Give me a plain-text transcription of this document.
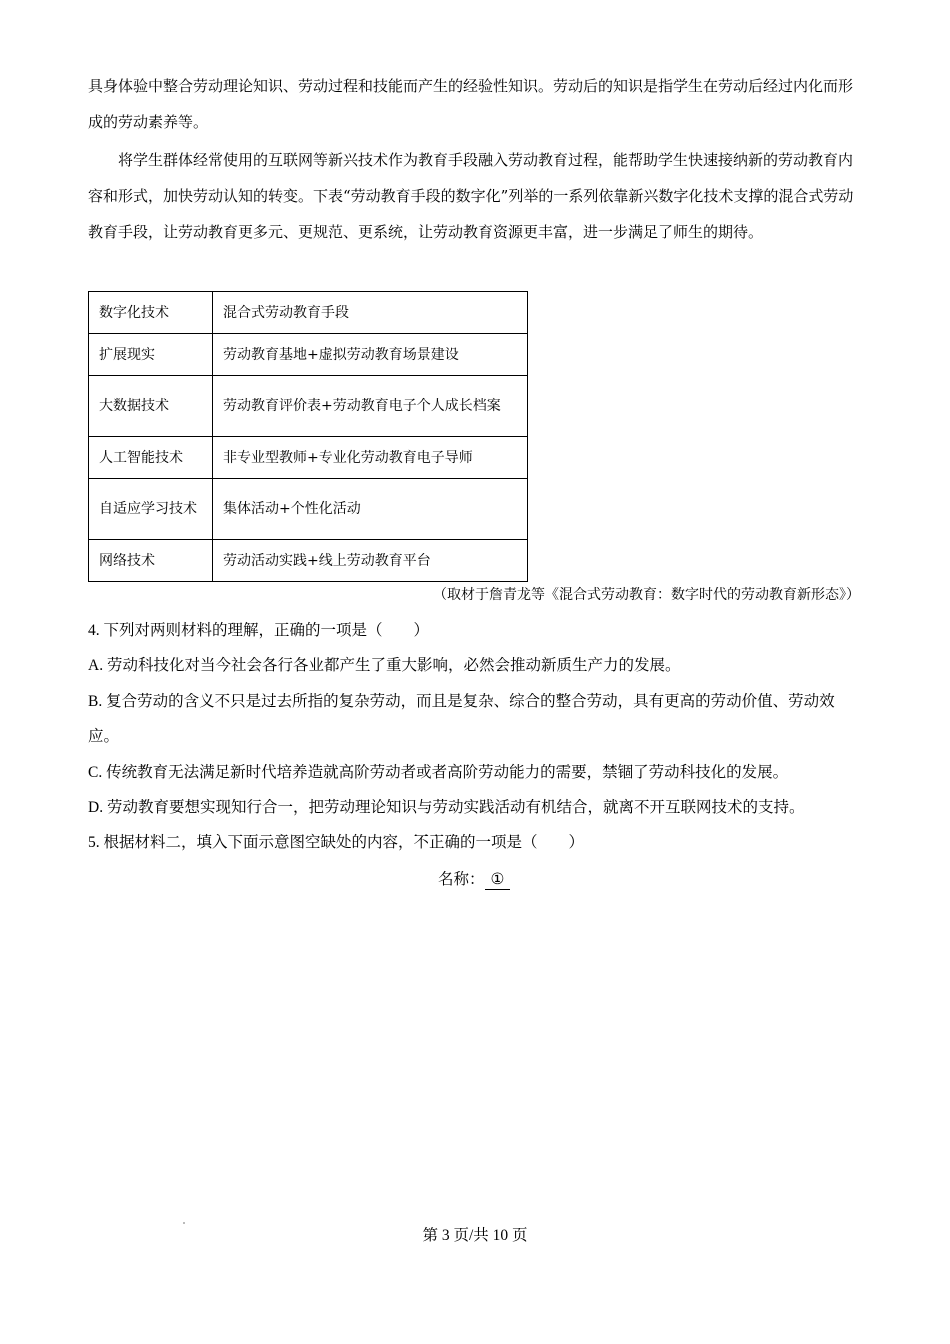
具身体验中整合劳动理论知识、劳动过程和技能而产生的经验性知识。劳动后的知识是指学生在劳动后经过内化而形成的劳动素养等。
将学生群体经常使用的互联网等新兴技术作为教育手段融入劳动教育过程，能帮助学生快速接纳新的劳动教育内容和形式，加快劳动认知的转变。下表“劳动教育手段的数字化”列举的一系列依靠新兴数字化技术支撑的混合式劳动教育手段，让劳动教育更多元、更规范、更系统，让劳动教育资源更丰富，进一步满足了师生的期待。
数字化技术	混合式劳动教育手段
扩展现实	劳动教育基地+虚拟劳动教育场景建设
大数据技术	劳动教育评价表+劳动教育电子个人成长档案
人工智能技术	非专业型教师+专业化劳动教育电子导师
自适应学习技术	集体活动+个性化活动
网络技术	劳动活动实践+线上劳动教育平台
（取材于詹青龙等《混合式劳动教育：数字时代的劳动教育新形态》）
4. 下列对两则材料的理解，正确的一项是（　　）
A. 劳动科技化对当今社会各行各业都产生了重大影响，必然会推动新质生产力的发展。
B. 复合劳动的含义不只是过去所指的复杂劳动，而且是复杂、综合的整合劳动，具有更高的劳动价值、劳动效应。
C. 传统教育无法满足新时代培养造就高阶劳动者或者高阶劳动能力的需要，禁锢了劳动科技化的发展。
D. 劳动教育要想实现知行合一，把劳动理论知识与劳动实践活动有机结合，就离不开互联网技术的支持。
5. 根据材料二，填入下面示意图空缺处的内容，不正确 · · ·的一项是（　　）
名称： ①
第 3 页/共 10 页
